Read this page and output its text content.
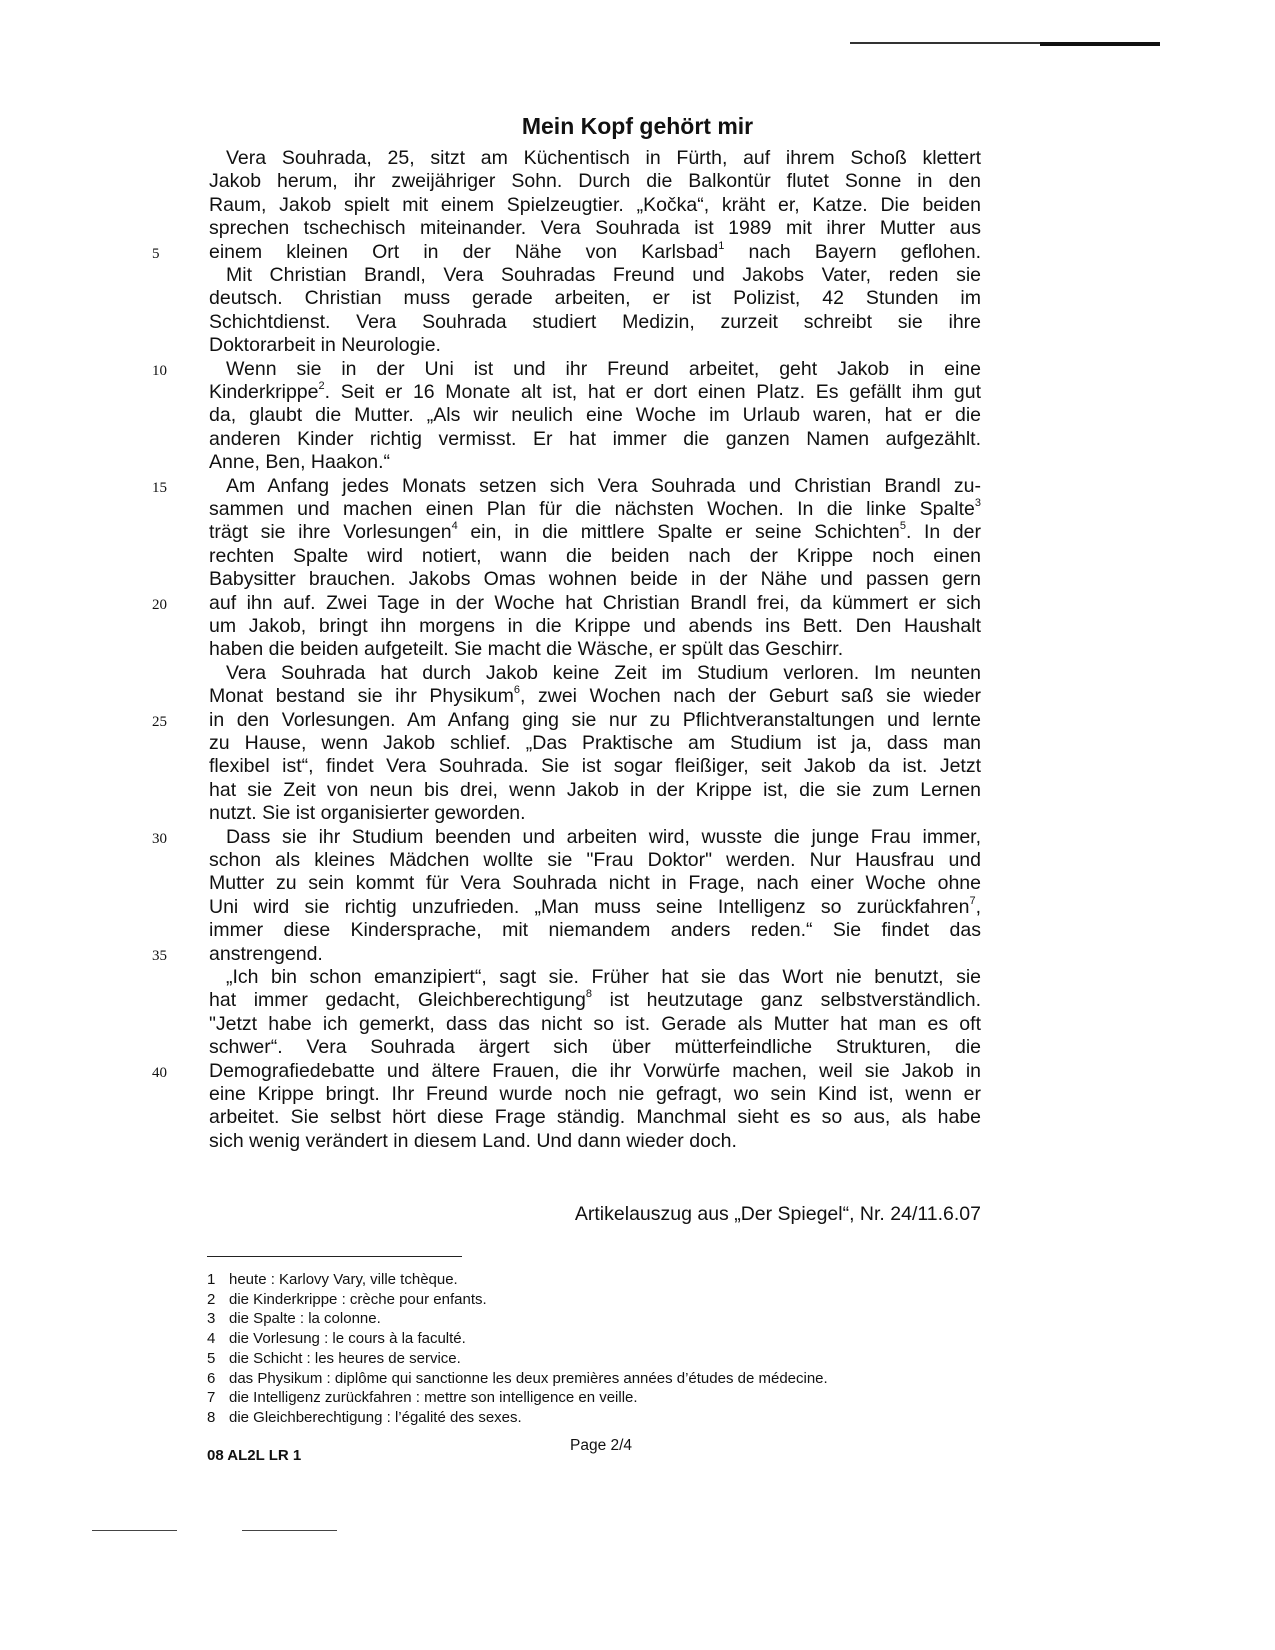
Mein Kopf gehört mir
Vera Souhrada, 25, sitzt am Küchentisch in Fürth, auf ihrem Schoß klettert
Jakob herum, ihr zweijähriger Sohn. Durch die Balkontür flutet Sonne in den
Raum, Jakob spielt mit einem Spielzeugtier. „Kočka“, kräht er, Katze. Die beiden
sprechen tschechisch miteinander. Vera Souhrada ist 1989 mit ihrer Mutter aus
einem kleinen Ort in der Nähe von Karlsbad$^1$ nach Bayern geflohen.
5
Mit Christian Brandl, Vera Souhradas Freund und Jakobs Vater, reden sie
deutsch. Christian muss gerade arbeiten, er ist Polizist, 42 Stunden im
Schichtdienst. Vera Souhrada studiert Medizin, zurzeit schreibt sie ihre
Doktorarbeit in Neurologie.
Wenn sie in der Uni ist und ihr Freund arbeitet, geht Jakob in eine
10
Kinderkrippe$^2$. Seit er 16 Monate alt ist, hat er dort einen Platz. Es gefällt ihm gut
da, glaubt die Mutter. „Als wir neulich eine Woche im Urlaub waren, hat er die
anderen Kinder richtig vermisst. Er hat immer die ganzen Namen aufgezählt.
Anne, Ben, Haakon.“
Am Anfang jedes Monats setzen sich Vera Souhrada und Christian Brandl zu-
15
sammen und machen einen Plan für die nächsten Wochen. In die linke Spalte$^3$
trägt sie ihre Vorlesungen$^4$ ein, in die mittlere Spalte er seine Schichten$^5$. In der
rechten Spalte wird notiert, wann die beiden nach der Krippe noch einen
Babysitter brauchen. Jakobs Omas wohnen beide in der Nähe und passen gern
auf ihn auf. Zwei Tage in der Woche hat Christian Brandl frei, da kümmert er sich
20
um Jakob, bringt ihn morgens in die Krippe und abends ins Bett. Den Haushalt
haben die beiden aufgeteilt. Sie macht die Wäsche, er spült das Geschirr.
Vera Souhrada hat durch Jakob keine Zeit im Studium verloren. Im neunten
Monat bestand sie ihr Physikum$^6$, zwei Wochen nach der Geburt saß sie wieder
in den Vorlesungen. Am Anfang ging sie nur zu Pflichtveranstaltungen und lernte
25
zu Hause, wenn Jakob schlief. „Das Praktische am Studium ist ja, dass man
flexibel ist“, findet Vera Souhrada. Sie ist sogar fleißiger, seit Jakob da ist. Jetzt
hat sie Zeit von neun bis drei, wenn Jakob in der Krippe ist, die sie zum Lernen
nutzt. Sie ist organisierter geworden.
Dass sie ihr Studium beenden und arbeiten wird, wusste die junge Frau immer,
30
schon als kleines Mädchen wollte sie "Frau Doktor" werden. Nur Hausfrau und
Mutter zu sein kommt für Vera Souhrada nicht in Frage, nach einer Woche ohne
Uni wird sie richtig unzufrieden. „Man muss seine Intelligenz so zurückfahren$^7$,
immer diese Kindersprache, mit niemandem anders reden.“ Sie findet das
anstrengend.
35
„Ich bin schon emanzipiert“, sagt sie. Früher hat sie das Wort nie benutzt, sie
hat immer gedacht, Gleichberechtigung$^8$ ist heutzutage ganz selbstverständlich.
"Jetzt habe ich gemerkt, dass das nicht so ist. Gerade als Mutter hat man es oft
schwer“. Vera Souhrada ärgert sich über mütterfeindliche Strukturen, die
Demografiedebatte und ältere Frauen, die ihr Vorwürfe machen, weil sie Jakob in
40
eine Krippe bringt. Ihr Freund wurde noch nie gefragt, wo sein Kind ist, wenn er
arbeitet. Sie selbst hört diese Frage ständig. Manchmal sieht es so aus, als habe
sich wenig verändert in diesem Land. Und dann wieder doch.
Artikelauszug aus „Der Spiegel“, Nr. 24/11.6.07
1 heute : Karlovy Vary, ville tchèque.
2 die Kinderkrippe : crèche pour enfants.
3 die Spalte : la colonne.
4 die Vorlesung : le cours à la faculté.
5 die Schicht : les heures de service.
6 das Physikum : diplôme qui sanctionne les deux premières années d’études de médecine.
7 die Intelligenz zurückfahren : mettre son intelligence en veille.
8 die Gleichberechtigung : l’égalité des sexes.
08 AL2L LR 1
Page 2/4
